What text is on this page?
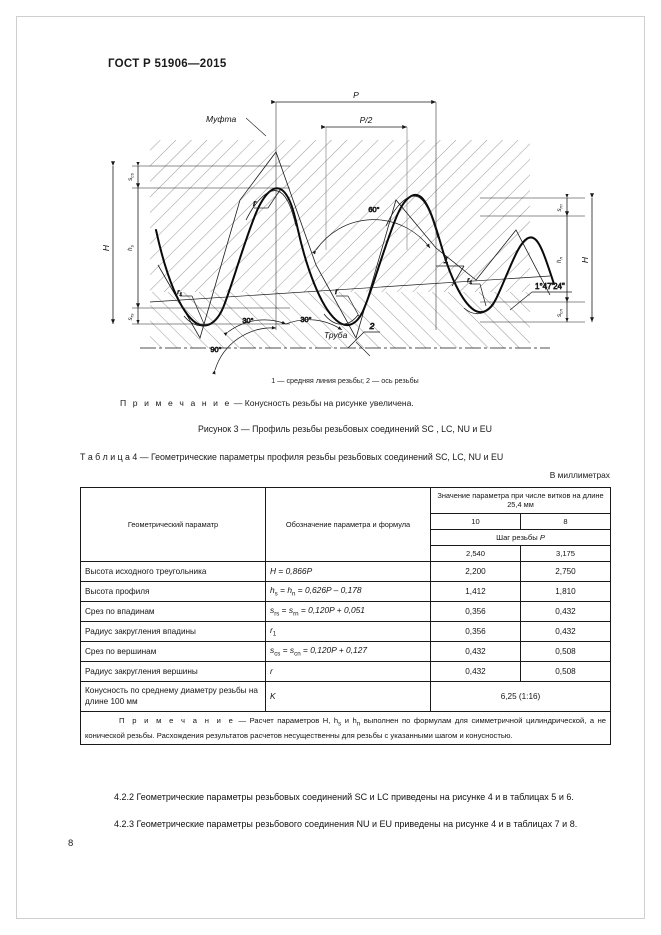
ГОСТ Р 51906—2015
P
P/2
H
$s_{cs}$
$h_s$
$s_{rs}$
$s_{rn}$
$h_n$
$s_{cn}$
H
60°
30°	30°
90°
1°47'24"
r
r
$r_1$
$r_1$
1
2
Муфта
Труба
1 — средняя линия резьбы; 2 — ось резьбы
П р и м е ч а н и е — Конусность резьбы на рисунке увеличена.
Рисунок 3 — Профиль резьбы резьбовых соединений SC , LC, NU и EU
Т а б л и ц а 4 — Геометрические параметры профиля резьбы резьбовых соединений SC, LC, NU и EU
В миллиметрах
Геометрический параматр	Обозначение параметра и формула	Значение параметра при числе витков на длине 25,4 мм	
		10	8
		Шаг резьбы P	
		2,540	3,175
Высота исходного треугольника	H = 0,866P	2,200	2,750
Высота профиля	$h_s = h_n = 0,626P - 0,178$	1,412	1,810
Срез по впадинам	$s_{rs} = s_{rn} = 0,120P + 0,051$	0,356	0,432
Радиус закругления впадины	$r_1$	0,356	0,432
Срез по вершинам	$s_{cs} = s_{cn} = 0,120P + 0,127$	0,432	0,508
Радиус закругления вершины	r	0,432	0,508
Конусность по среднему диаметру резьбы на длине 100 мм	K	6,25 (1:16)	

П р и м е ч а н и е — Расчет параметров H, $h_s$ и $h_n$ выполнен по формулам для симметричной цилиндрической, а не конической резьбы. Расхождения результатов расчетов несущественны для резьбы с указанными шагом и конусностью.			
4.2.2 Геометрические параметры резьбовых соединений SC и LC приведены на рисунке 4 и в таблицах 5 и 6.
4.2.3 Геометрические параметры резьбового соединения NU и EU приведены на рисунке 4 и в таблицах 7 и 8.
8
